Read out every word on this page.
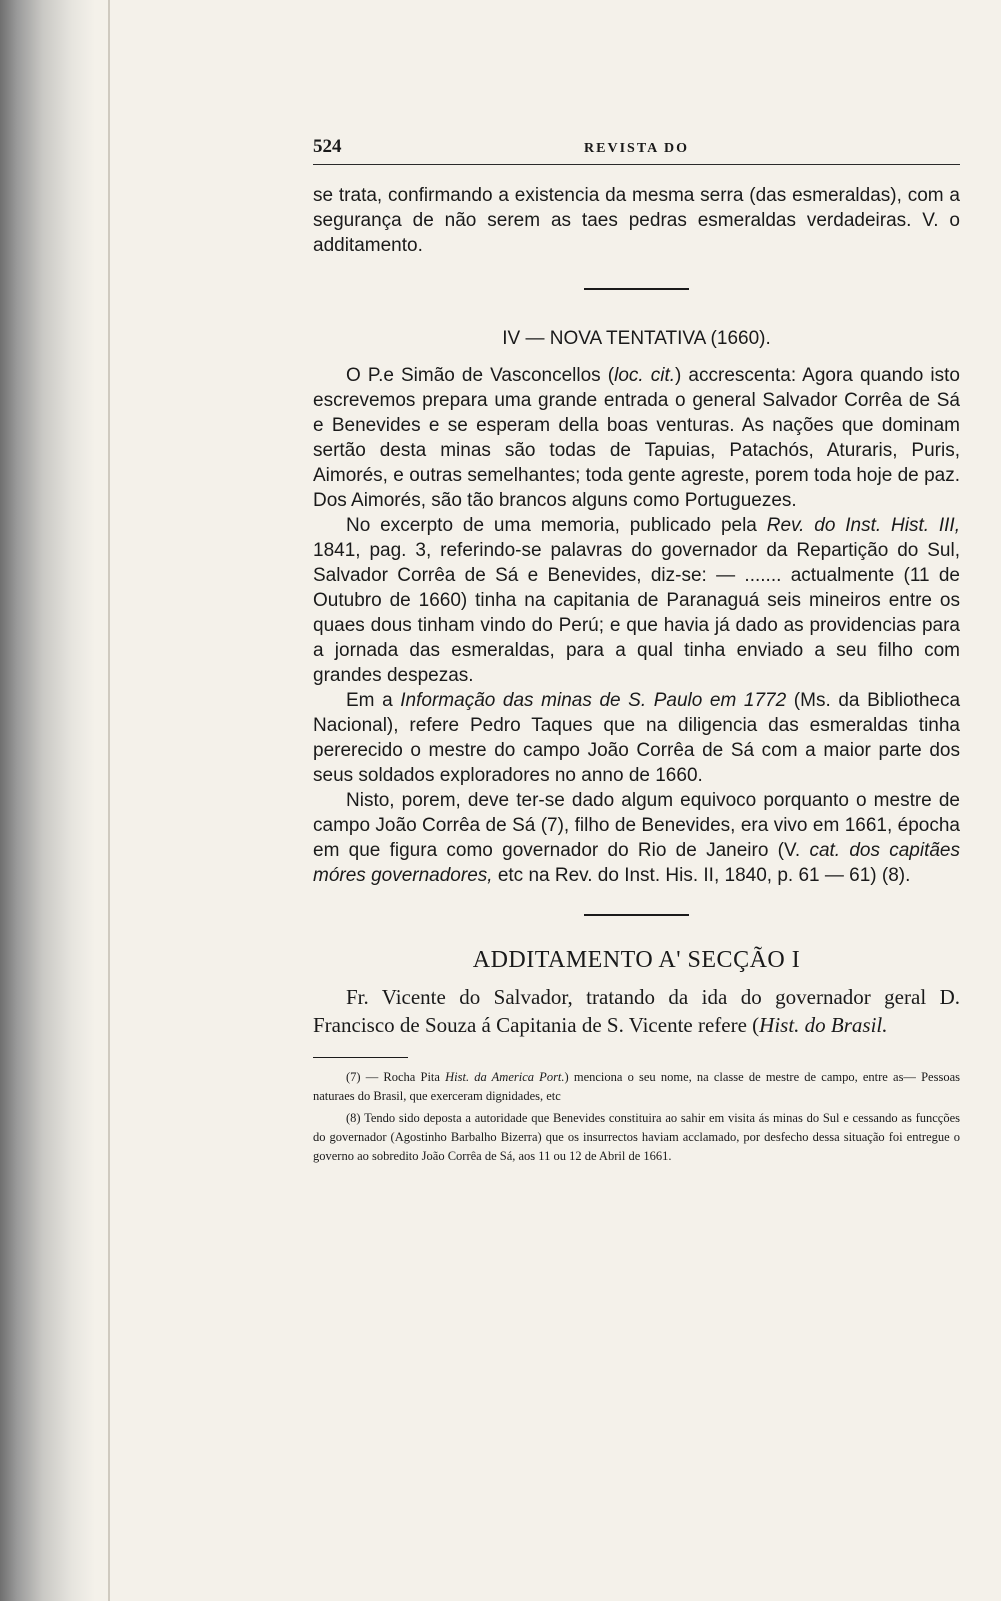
524	REVISTA DO

se trata, confirmando a existencia da mesma serra (das esmeraldas), com a segurança de não serem as taes pedras esmeraldas verdadeiras. V. o additamento.

IV — NOVA TENTATIVA (1660).

O P.e Simão de Vasconcellos (loc. cit.) accrescenta: Agora quando isto escrevemos prepara uma grande entrada o general Salvador Corrêa de Sá e Benevides e se esperam della boas venturas. As nações que dominam sertão desta minas são todas de Tapuias, Patachós, Aturaris, Puris, Aimorés, e outras semelhantes; toda gente agreste, porem toda hoje de paz. Dos Aimorés, são tão brancos alguns como Portuguezes.

No excerpto de uma memoria, publicado pela Rev. do Inst. Hist. III, 1841, pag. 3, referindo-se palavras do governador da Repartição do Sul, Salvador Corrêa de Sá e Benevides, diz-se: — ....... actualmente (11 de Outubro de 1660) tinha na capitania de Paranaguá seis mineiros entre os quaes dous tinham vindo do Perú; e que havia já dado as providencias para a jornada das esmeraldas, para a qual tinha enviado a seu filho com grandes despezas.

Em a Informação das minas de S. Paulo em 1772 (Ms. da Bibliotheca Nacional), refere Pedro Taques que na diligencia das esmeraldas tinha pererecido o mestre do campo João Corrêa de Sá com a maior parte dos seus soldados exploradores no anno de 1660.

Nisto, porem, deve ter-se dado algum equivoco porquanto o mestre de campo João Corrêa de Sá (7), filho de Benevides, era vivo em 1661, épocha em que figura como governador do Rio de Janeiro (V. cat. dos capitães móres governadores, etc na Rev. do Inst. His. II, 1840, p. 61 — 61) (8).

ADDITAMENTO A' SECÇÃO I

Fr. Vicente do Salvador, tratando da ida do governador geral D. Francisco de Souza á Capitania de S. Vicente refere (Hist. do Brasil.

(7) — Rocha Pita Hist. da America Port.) menciona o seu nome, na classe de mestre de campo, entre as— Pessoas naturaes do Brasil, que exerceram dignidades, etc

(8) Tendo sido deposta a autoridade que Benevides constituira ao sahir em visita ás minas do Sul e cessando as funcções do governador (Agostinho Barbalho Bizerra) que os insurrectos haviam acclamado, por desfecho dessa situação foi entregue o governo ao sobredito João Corrêa de Sá, aos 11 ou 12 de Abril de 1661.
